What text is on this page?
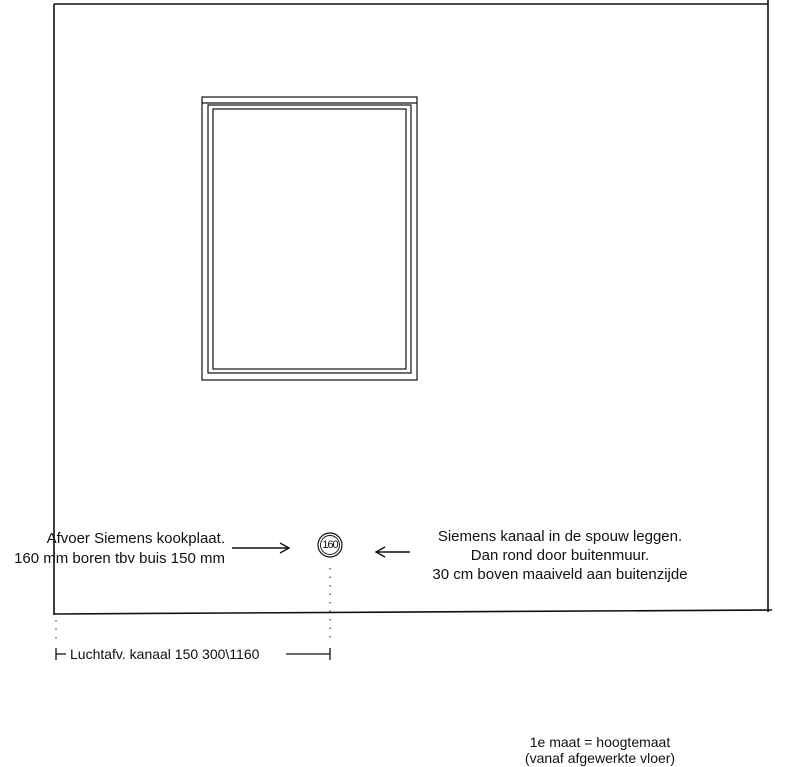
160
Afvoer Siemens kookplaat.
160 mm boren tbv buis 150 mm
Siemens kanaal in de spouw leggen.
Dan rond door buitenmuur.
30 cm boven maaiveld aan buitenzijde
Luchtafv. kanaal 150 300\1160
1e maat = hoogtemaat
(vanaf afgewerkte vloer)
